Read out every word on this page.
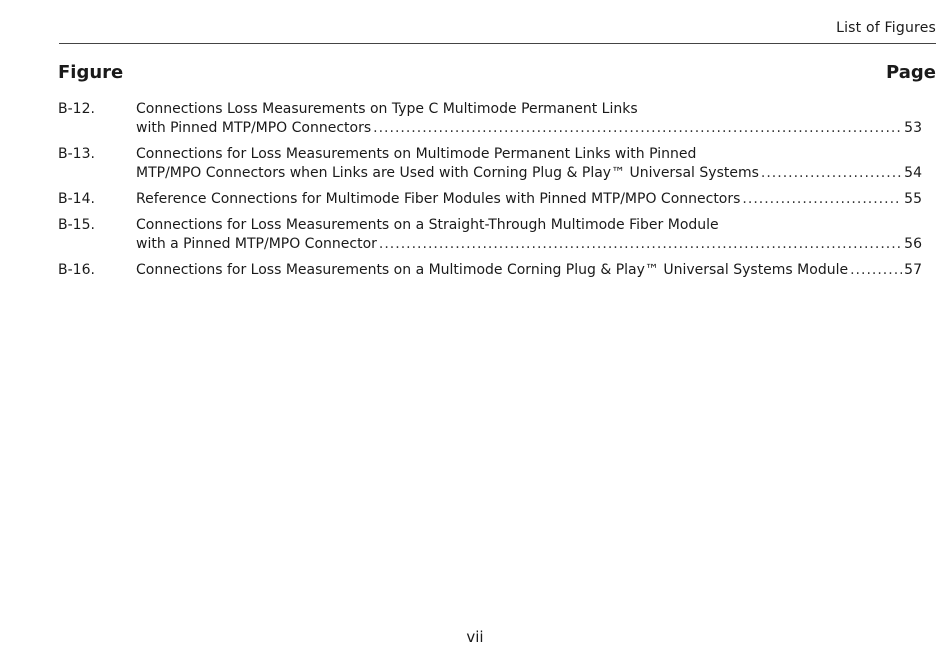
List of Figures
Figure	Page
B-12.	Connections Loss Measurements on Type C Multimode Permanent Links
with Pinned MTP/MPO Connectors .....	53
B-13.	Connections for Loss Measurements on Multimode Permanent Links with Pinned
MTP/MPO Connectors when Links are Used with Corning Plug & Play™ Universal Systems .....	54
B-14.	Reference Connections for Multimode Fiber Modules with Pinned MTP/MPO Connectors .....	55
B-15.	Connections for Loss Measurements on a Straight-Through Multimode Fiber Module
with a Pinned MTP/MPO Connector .....	56
B-16.	Connections for Loss Measurements on a Multimode Corning Plug & Play™ Universal Systems Module .....	57
vii
